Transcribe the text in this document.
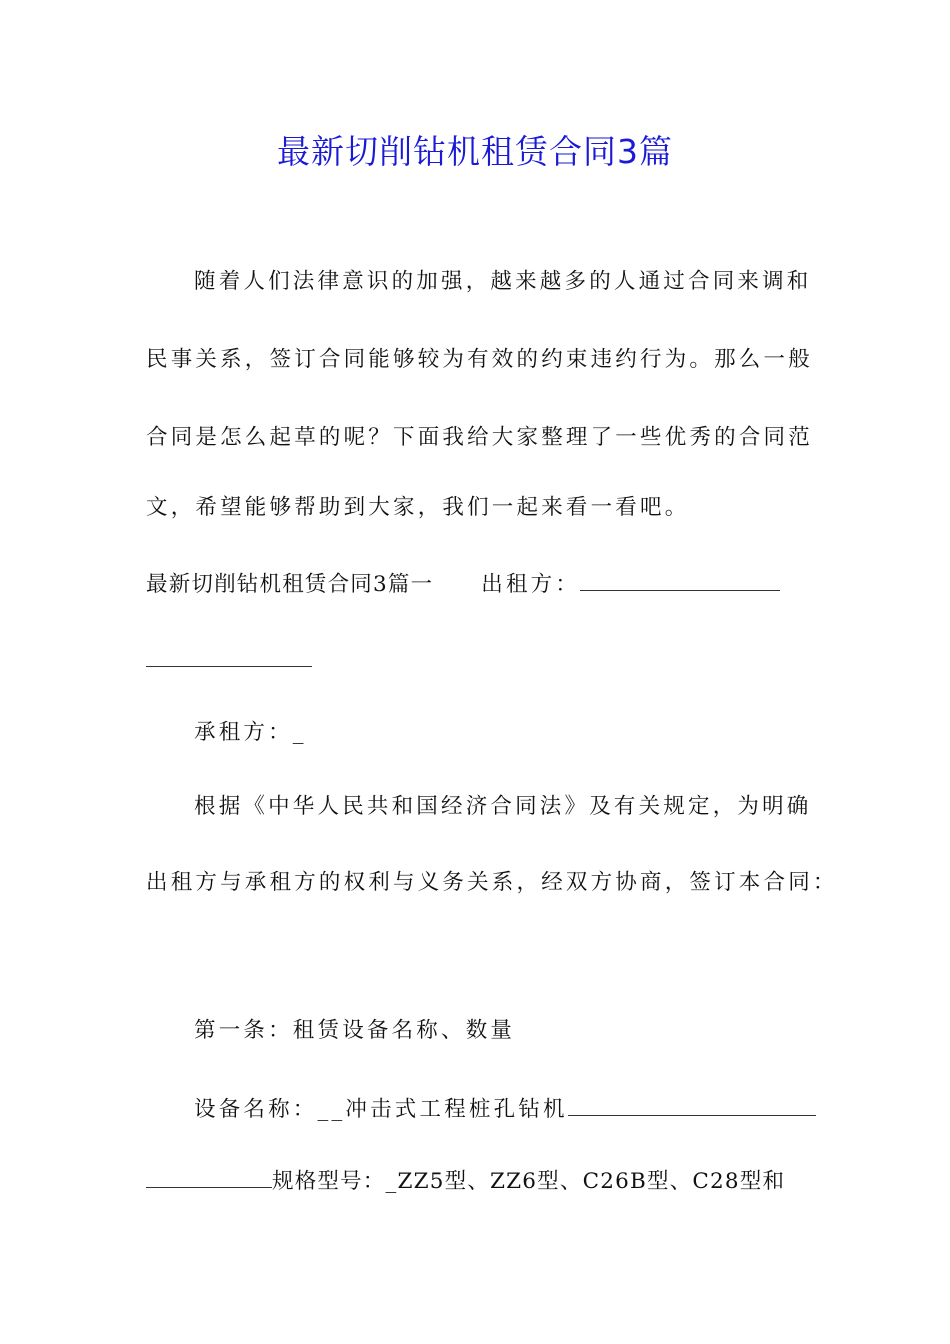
最新切削钻机租赁合同3篇
随着人们法律意识的加强，越来越多的人通过合同来调和
民事关系，签订合同能够较为有效的约束违约行为。那么一般
合同是怎么起草的呢？下面我给大家整理了一些优秀的合同范
文，希望能够帮助到大家，我们一起来看一看吧。
最新切削钻机租赁合同3篇一 出租方：
承租方：_
根据《中华人民共和国经济合同法》及有关规定，为明确
出租方与承租方的权利与义务关系，经双方协商，签订本合同：
第一条：租赁设备名称、数量
设备名称：__冲击式工程桩孔钻机
规格型号：_ZZ5型、ZZ6型、C26B型、C28型和
